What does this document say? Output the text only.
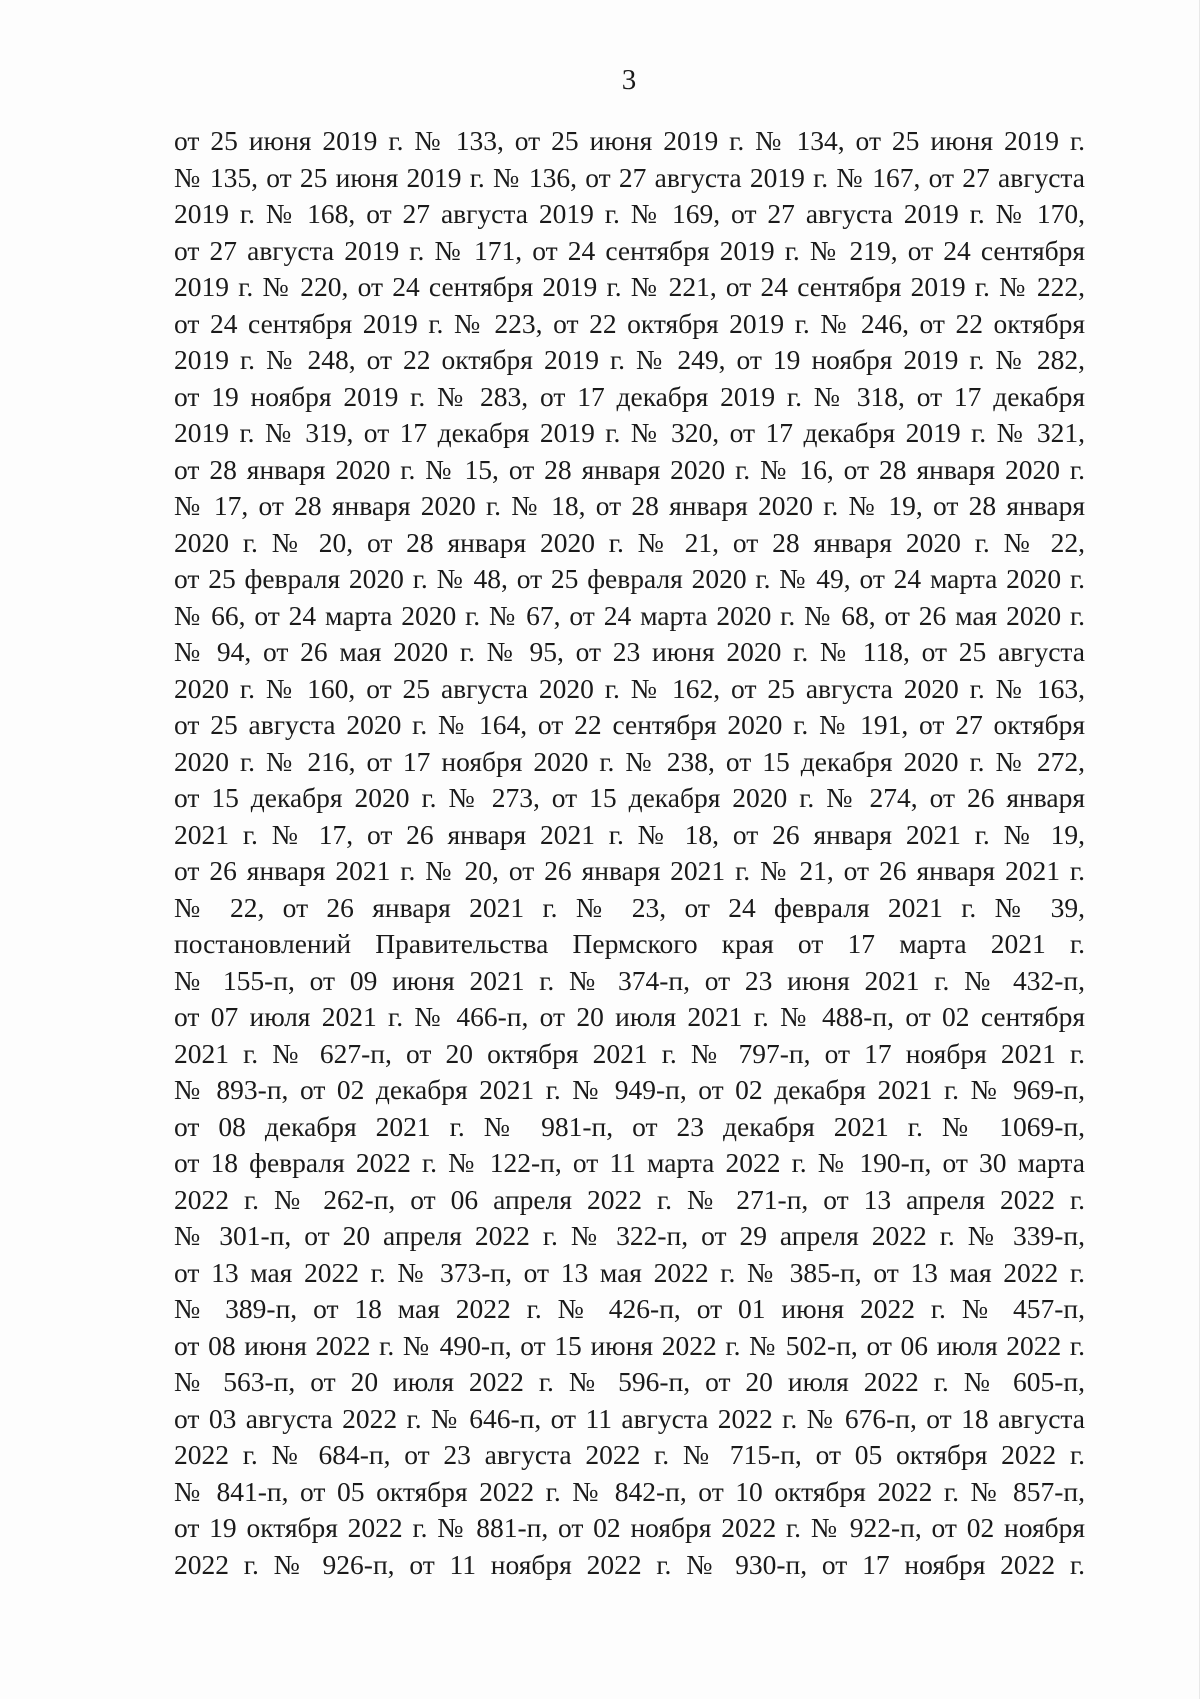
3
от 25 июня 2019 г. № 133, от 25 июня 2019 г. № 134, от 25 июня 2019 г.
№ 135, от 25 июня 2019 г. № 136, от 27 августа 2019 г. № 167, от 27 августа
2019 г. № 168, от 27 августа 2019 г. № 169, от 27 августа 2019 г. № 170,
от 27 августа 2019 г. № 171, от 24 сентября 2019 г. № 219, от 24 сентября
2019 г. № 220, от 24 сентября 2019 г. № 221, от 24 сентября 2019 г. № 222,
от 24 сентября 2019 г. № 223, от 22 октября 2019 г. № 246, от 22 октября
2019 г. № 248, от 22 октября 2019 г. № 249, от 19 ноября 2019 г. № 282,
от 19 ноября 2019 г. № 283, от 17 декабря 2019 г. № 318, от 17 декабря
2019 г. № 319, от 17 декабря 2019 г. № 320, от 17 декабря 2019 г. № 321,
от 28 января 2020 г. № 15, от 28 января 2020 г. № 16, от 28 января 2020 г.
№ 17, от 28 января 2020 г. № 18, от 28 января 2020 г. № 19, от 28 января
2020 г. № 20, от 28 января 2020 г. № 21, от 28 января 2020 г. № 22,
от 25 февраля 2020 г. № 48, от 25 февраля 2020 г. № 49, от 24 марта 2020 г.
№ 66, от 24 марта 2020 г. № 67, от 24 марта 2020 г. № 68, от 26 мая 2020 г.
№ 94, от 26 мая 2020 г. № 95, от 23 июня 2020 г. № 118, от 25 августа
2020 г. № 160, от 25 августа 2020 г. № 162, от 25 августа 2020 г. № 163,
от 25 августа 2020 г. № 164, от 22 сентября 2020 г. № 191, от 27 октября
2020 г. № 216, от 17 ноября 2020 г. № 238, от 15 декабря 2020 г. № 272,
от 15 декабря 2020 г. № 273, от 15 декабря 2020 г. № 274, от 26 января
2021 г. № 17, от 26 января 2021 г. № 18, от 26 января 2021 г. № 19,
от 26 января 2021 г. № 20, от 26 января 2021 г. № 21, от 26 января 2021 г.
№ 22, от 26 января 2021 г. № 23, от 24 февраля 2021 г. № 39,
постановлений Правительства Пермского края от 17 марта 2021 г.
№ 155-п, от 09 июня 2021 г. № 374-п, от 23 июня 2021 г. № 432-п,
от 07 июля 2021 г. № 466-п, от 20 июля 2021 г. № 488-п, от 02 сентября
2021 г. № 627-п, от 20 октября 2021 г. № 797-п, от 17 ноября 2021 г.
№ 893-п, от 02 декабря 2021 г. № 949-п, от 02 декабря 2021 г. № 969-п,
от 08 декабря 2021 г. № 981-п, от 23 декабря 2021 г. № 1069-п,
от 18 февраля 2022 г. № 122-п, от 11 марта 2022 г. № 190-п, от 30 марта
2022 г. № 262-п, от 06 апреля 2022 г. № 271-п, от 13 апреля 2022 г.
№ 301-п, от 20 апреля 2022 г. № 322-п, от 29 апреля 2022 г. № 339-п,
от 13 мая 2022 г. № 373-п, от 13 мая 2022 г. № 385-п, от 13 мая 2022 г.
№ 389-п, от 18 мая 2022 г. № 426-п, от 01 июня 2022 г. № 457-п,
от 08 июня 2022 г. № 490-п, от 15 июня 2022 г. № 502-п, от 06 июля 2022 г.
№ 563-п, от 20 июля 2022 г. № 596-п, от 20 июля 2022 г. № 605-п,
от 03 августа 2022 г. № 646-п, от 11 августа 2022 г. № 676-п, от 18 августа
2022 г. № 684-п, от 23 августа 2022 г. № 715-п, от 05 октября 2022 г.
№ 841-п, от 05 октября 2022 г. № 842-п, от 10 октября 2022 г. № 857-п,
от 19 октября 2022 г. № 881-п, от 02 ноября 2022 г. № 922-п, от 02 ноября
2022 г. № 926-п, от 11 ноября 2022 г. № 930-п, от 17 ноября 2022 г.
